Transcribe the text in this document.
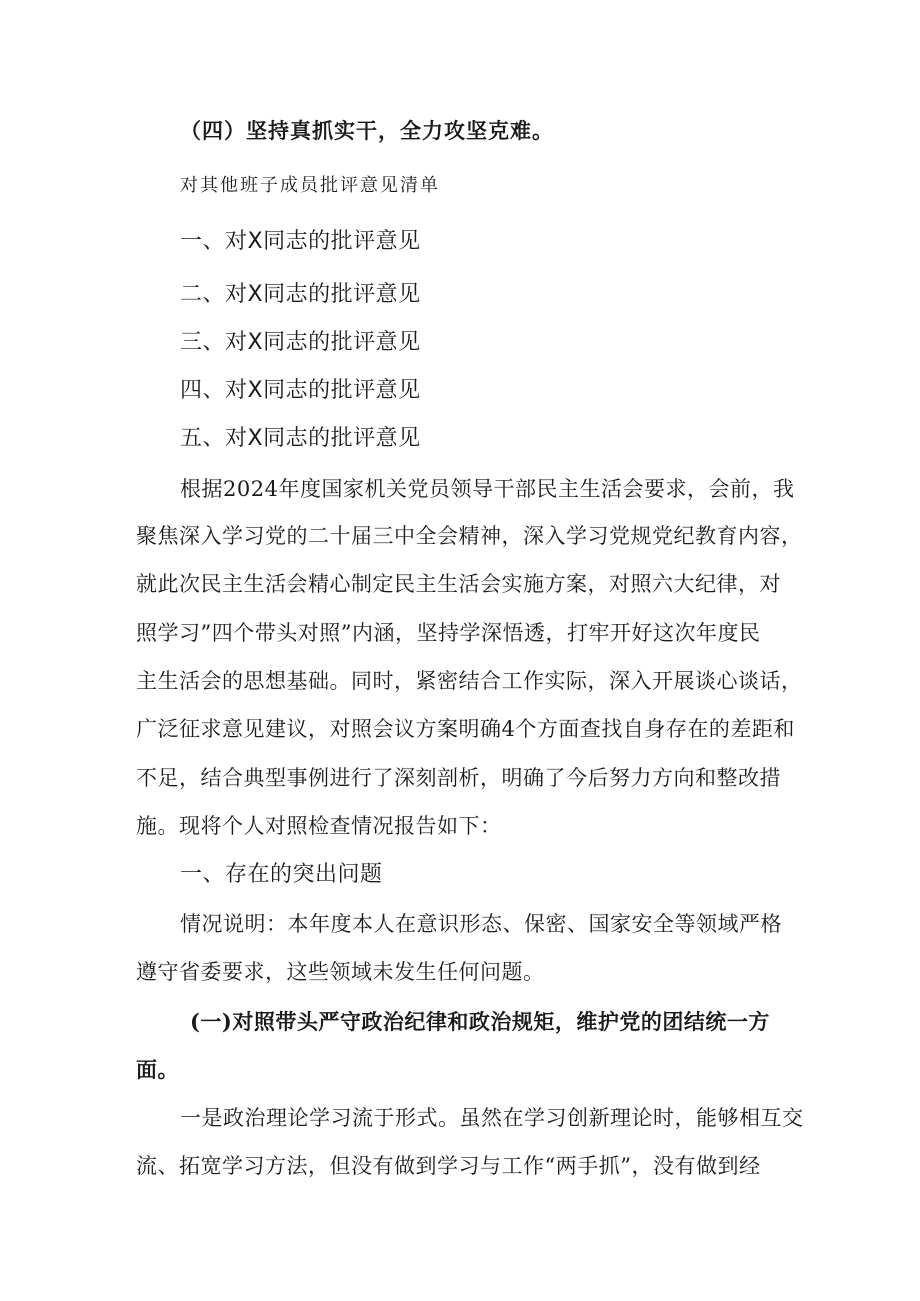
（四）坚持真抓实干，全力攻坚克难。
对其他班子成员批评意见清单
一、对X同志的批评意见
二、对X同志的批评意见
三、对X同志的批评意见
四、对X同志的批评意见
五、对X同志的批评意见
根据2024年度国家机关党员领导干部民主生活会要求，会前，我
聚焦深入学习党的二十届三中全会精神，深入学习党规党纪教育内容，
就此次民主生活会精心制定民主生活会实施方案，对照六大纪律，对
照学习”四个带头对照”内涵，坚持学深悟透，打牢开好这次年度民
主生活会的思想基础。同时，紧密结合工作实际，深入开展谈心谈话，
广泛征求意见建议，对照会议方案明确4个方面查找自身存在的差距和
不足，结合典型事例进行了深刻剖析，明确了今后努力方向和整改措
施。现将个人对照检查情况报告如下：
一、存在的突出问题
情况说明：本年度本人在意识形态、保密、国家安全等领域严格
遵守省委要求，这些领域未发生任何问题。
(一)对照带头严守政治纪律和政治规矩，维护党的团结统一方
面。
一是政治理论学习流于形式。虽然在学习创新理论时，能够相互交
流、拓宽学习方法，但没有做到学习与工作“两手抓”，没有做到经
